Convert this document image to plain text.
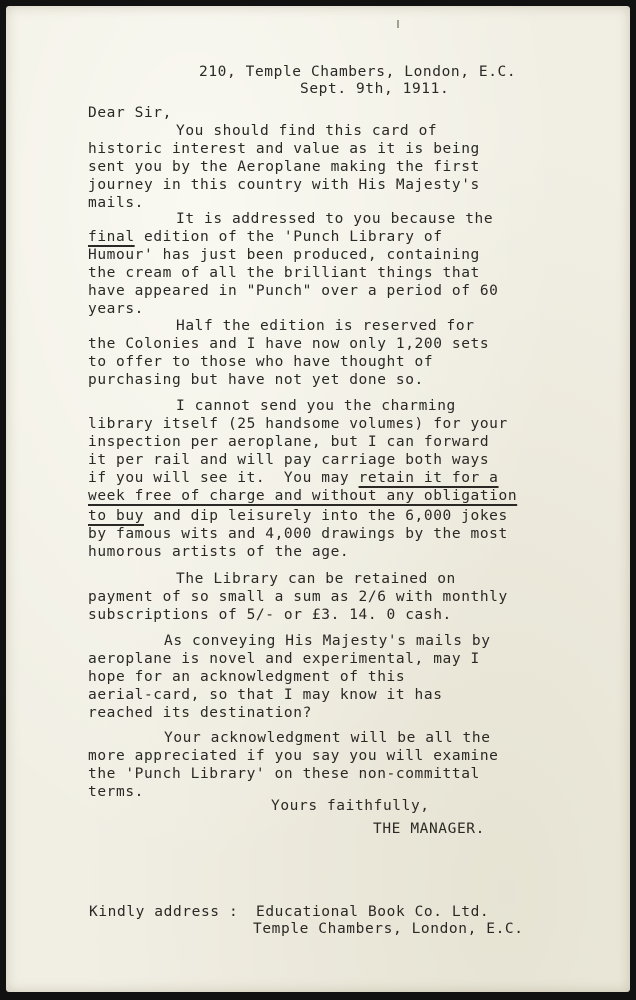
210, Temple Chambers, London, E.C.
Sept. 9th, 1911.
Dear Sir,
You should find this card of
historic interest and value as it is being
sent you by the Aeroplane making the first
journey in this country with His Majesty's
mails.
It is addressed to you because the
final edition of the 'Punch Library of
Humour' has just been produced, containing
the cream of all the brilliant things that
have appeared in "Punch" over a period of 60
years.
Half the edition is reserved for
the Colonies and I have now only 1,200 sets
to offer to those who have thought of
purchasing but have not yet done so.
I cannot send you the charming
library itself (25 handsome volumes) for your
inspection per aeroplane, but I can forward
it per rail and will pay carriage both ways
if you will see it.  You may retain it for a
week free of charge and without any obligation
to buy and dip leisurely into the 6,000 jokes
by famous wits and 4,000 drawings by the most
humorous artists of the age.
The Library can be retained on
payment of so small a sum as 2/6 with monthly
subscriptions of 5/- or £3. 14. 0 cash.
As conveying His Majesty's mails by
aeroplane is novel and experimental, may I
hope for an acknowledgment of this
aerial-card, so that I may know it has
reached its destination?
Your acknowledgment will be all the
more appreciated if you say you will examine
the 'Punch Library' on these non-committal
terms.
Yours faithfully,
THE MANAGER.
Kindly address : Educational Book Co. Ltd.
Temple Chambers, London, E.C.
